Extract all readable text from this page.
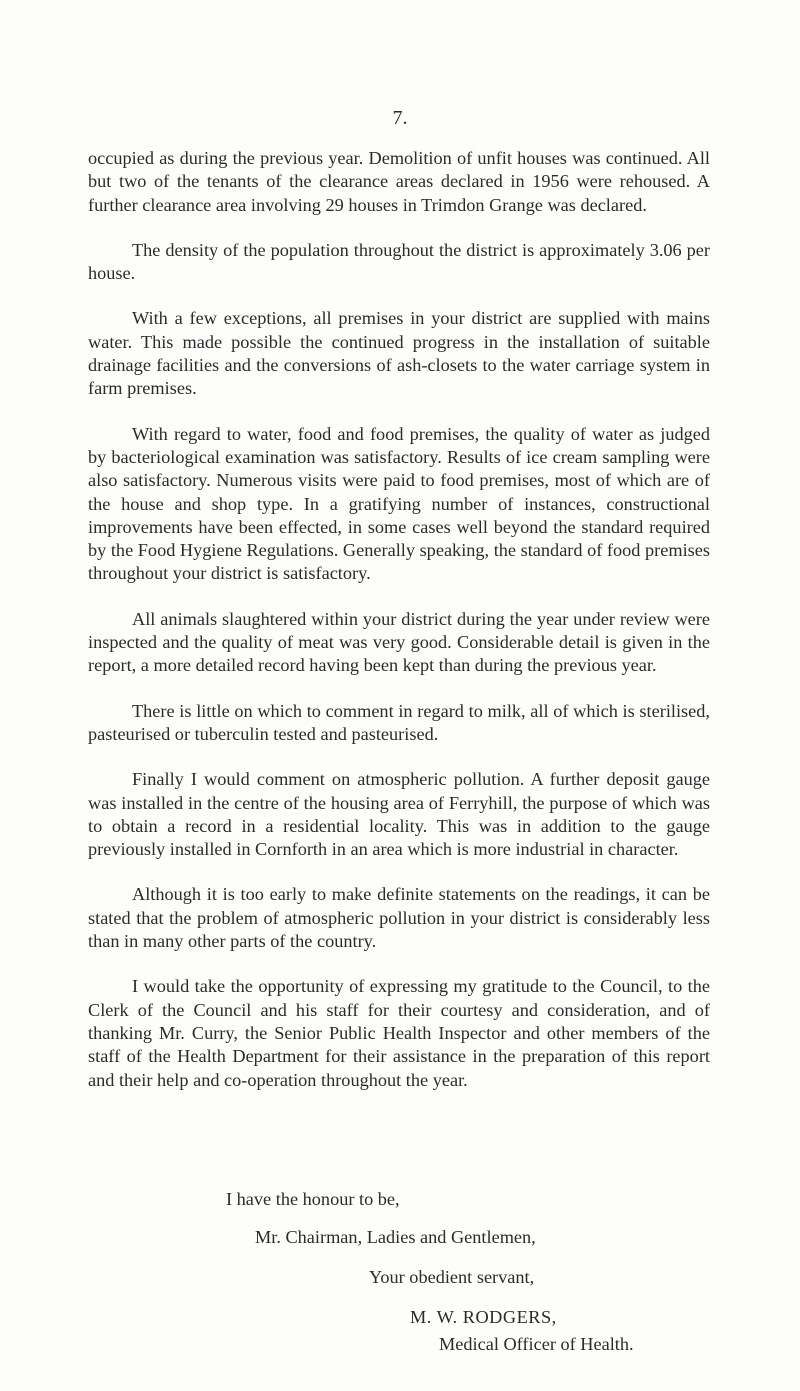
7.

occupied as during the previous year. Demolition of unfit houses was continued. All but two of the tenants of the clearance areas declared in 1956 were rehoused. A further clearance area involving 29 houses in Trimdon Grange was declared.

The density of the population throughout the district is approximately 3.06 per house.

With a few exceptions, all premises in your district are supplied with mains water. This made possible the continued progress in the installation of suitable drainage facilities and the conversions of ash-closets to the water carriage system in farm premises.

With regard to water, food and food premises, the quality of water as judged by bacteriological examination was satisfactory. Results of ice cream sampling were also satisfactory. Numerous visits were paid to food premises, most of which are of the house and shop type. In a gratifying number of instances, constructional improvements have been effected, in some cases well beyond the standard required by the Food Hygiene Regulations. Generally speaking, the standard of food premises throughout your district is satisfactory.

All animals slaughtered within your district during the year under review were inspected and the quality of meat was very good. Considerable detail is given in the report, a more detailed record having been kept than during the previous year.

There is little on which to comment in regard to milk, all of which is sterilised, pasteurised or tuberculin tested and pasteurised.

Finally I would comment on atmospheric pollution. A further deposit gauge was installed in the centre of the housing area of Ferryhill, the purpose of which was to obtain a record in a residential locality. This was in addition to the gauge previously installed in Cornforth in an area which is more industrial in character.

Although it is too early to make definite statements on the readings, it can be stated that the problem of atmospheric pollution in your district is considerably less than in many other parts of the country.

I would take the opportunity of expressing my gratitude to the Council, to the Clerk of the Council and his staff for their courtesy and consideration, and of thanking Mr. Curry, the Senior Public Health Inspector and other members of the staff of the Health Department for their assistance in the preparation of this report and their help and co-operation throughout the year.

I have the honour to be,
Mr. Chairman, Ladies and Gentlemen,
Your obedient servant,
M. W. RODGERS,
Medical Officer of Health.
